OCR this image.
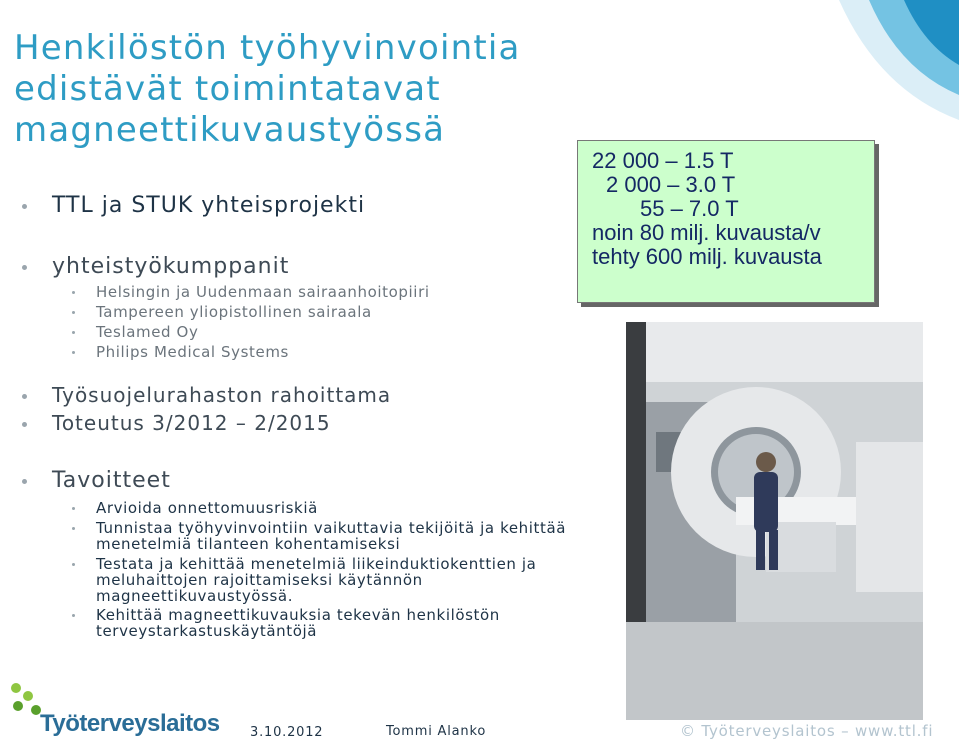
Henkilöstön työhyvinvointia
edistävät toimintatavat
magneettikuvaustyössä
TTL ja STUK yhteisprojekti
yhteistyökumppanit
Helsingin ja Uudenmaan sairaanhoitopiiri
Tampereen yliopistollinen sairaala
Teslamed Oy
Philips Medical Systems
Työsuojelurahaston rahoittama
Toteutus 3/2012 – 2/2015
Tavoitteet
Arvioida onnettomuusriskiä
Tunnistaa työhyvinvointiin vaikuttavia tekijöitä ja kehittää
menetelmiä tilanteen kohentamiseksi
Testata ja kehittää menetelmiä liikeinduktiokenttien ja
meluhaittojen rajoittamiseksi käytännön
magneettikuvaustyössä.
Kehittää magneettikuvauksia tekevän henkilöstön
terveystarkastuskäytäntöjä
22 000 – 1.5 T
2 000 – 3.0 T
55 – 7.0 T
noin 80 milj. kuvausta/v
tehty 600 milj. kuvausta
Työterveyslaitos 3.10.2012	Tommi Alanko	© Työterveyslaitos – www.ttl.fi
